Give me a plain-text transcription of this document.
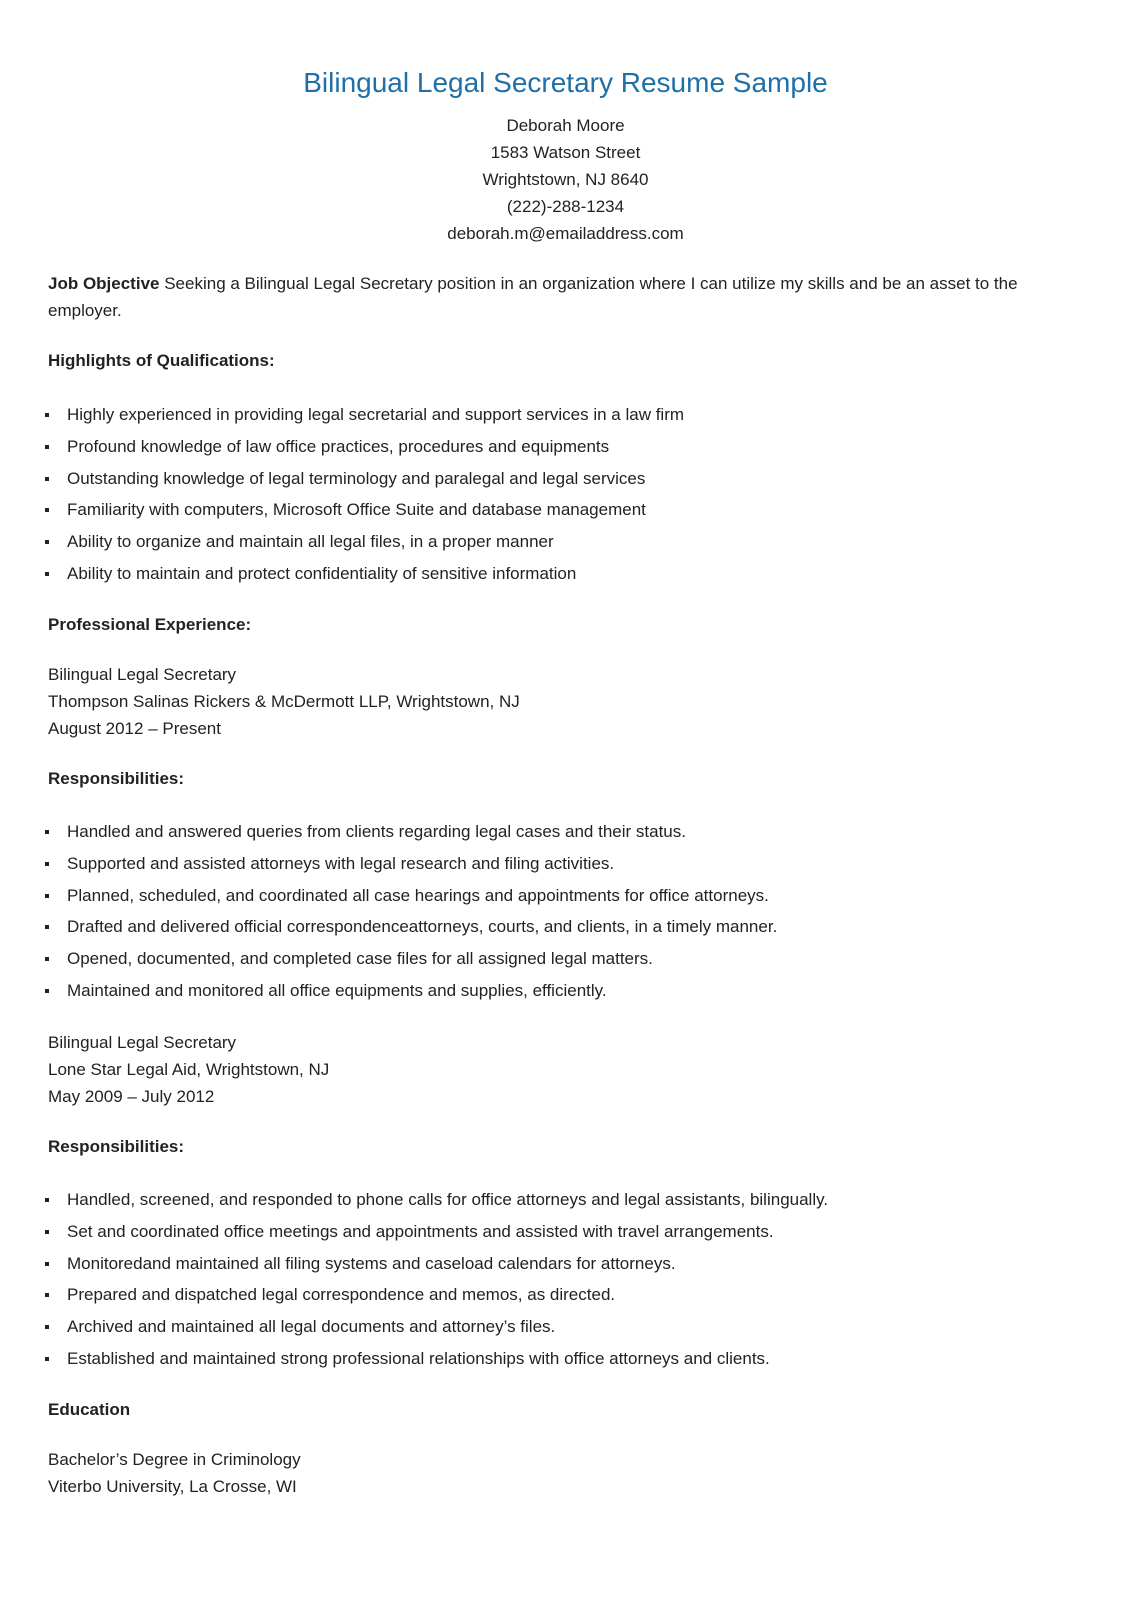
Bilingual Legal Secretary Resume Sample

Deborah Moore

1583 Watson Street

Wrightstown, NJ 8640

(222)-288-1234

deborah.m@emailaddress.com

Job Objective Seeking a Bilingual Legal Secretary position in an organization where I can utilize my skills and be an asset to the employer.

Highlights of Qualifications:

Highly experienced in providing legal secretarial and support services in a law firm
Profound knowledge of law office practices, procedures and equipments
Outstanding knowledge of legal terminology and paralegal and legal services
Familiarity with computers, Microsoft Office Suite and database management
Ability to organize and maintain all legal files, in a proper manner
Ability to maintain and protect confidentiality of sensitive information

Professional Experience:

Bilingual Legal Secretary

Thompson Salinas Rickers & McDermott LLP, Wrightstown, NJ

August 2012 – Present

Responsibilities:

Handled and answered queries from clients regarding legal cases and their status.
Supported and assisted attorneys with legal research and filing activities.
Planned, scheduled, and coordinated all case hearings and appointments for office attorneys.
Drafted and delivered official correspondenceattorneys, courts, and clients, in a timely manner.
Opened, documented, and completed case files for all assigned legal matters.
Maintained and monitored all office equipments and supplies, efficiently.

Bilingual Legal Secretary

Lone Star Legal Aid, Wrightstown, NJ

May 2009 – July 2012

Responsibilities:

Handled, screened, and responded to phone calls for office attorneys and legal assistants, bilingually.
Set and coordinated office meetings and appointments and assisted with travel arrangements.
Monitoredand maintained all filing systems and caseload calendars for attorneys.
Prepared and dispatched legal correspondence and memos, as directed.
Archived and maintained all legal documents and attorney’s files.
Established and maintained strong professional relationships with office attorneys and clients.

Education

Bachelor’s Degree in Criminology

Viterbo University, La Crosse, WI
